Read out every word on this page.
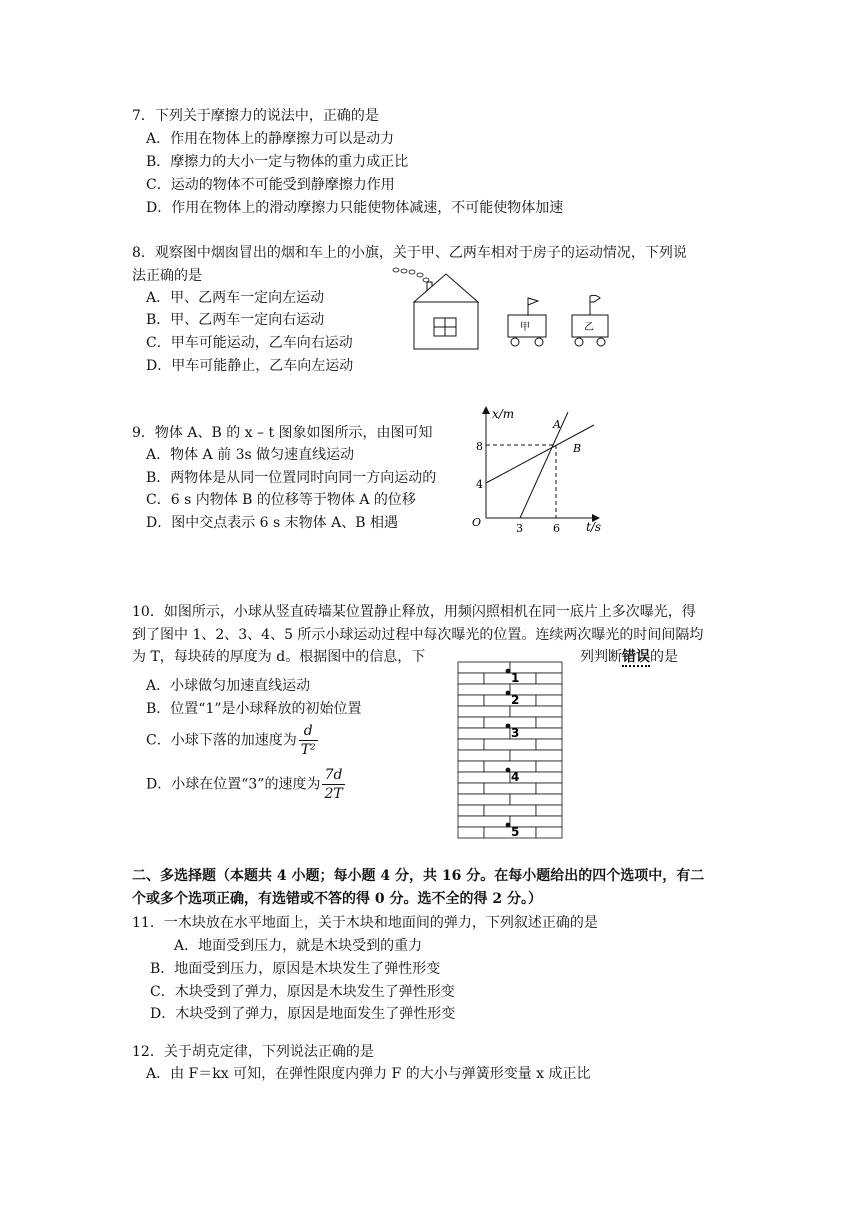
7．下列关于摩擦力的说法中，正确的是
A．作用在物体上的静摩擦力可以是动力
B．摩擦力的大小一定与物体的重力成正比
C．运动的物体不可能受到静摩擦力作用
D．作用在物体上的滑动摩擦力只能使物体减速，不可能使物体加速
8．观察图中烟囱冒出的烟和车上的小旗，关于甲、乙两车相对于房子的运动情况，下列说
法正确的是
A．甲、乙两车一定向左运动
B．甲、乙两车一定向右运动
C．甲车可能运动，乙车向右运动
D．甲车可能静止，乙车向左运动
甲	乙
9．物体 A、B 的 x – t 图象如图所示，由图可知
A．物体 A 前 3s 做匀速直线运动
B．两物体是从同一位置同时向同一方向运动的
C．6 s 内物体 B 的位移等于物体 A 的位移
D．图中交点表示 6 s 末物体 A、B 相遇
x/m
t/s
O
8
4
3	6
A
B
10．如图所示，小球从竖直砖墙某位置静止释放，用频闪照相机在同一底片上多次曝光，得
到了图中 1、2、3、4、5 所示小球运动过程中每次曝光的位置。连续两次曝光的时间间隔均
为 T，每块砖的厚度为 d。根据图中的信息，下	列判断错误的是
A．小球做匀加速直线运动
B．位置“1”是小球释放的初始位置
C．小球下落的加速度为 $\frac{d}{\text{T²}}$
D．小球在位置“3”的速度为 $\frac{7d}{2T}$
1
2
3
4
5
二、多选择题（本题共 4 小题；每小题 4 分，共 16 分。在每小题给出的四个选项中，有二
个或多个选项正确，有选错或不答的得 0 分。选不全的得 2 分。）
11．一木块放在水平地面上，关于木块和地面间的弹力，下列叙述正确的是
A．地面受到压力，就是木块受到的重力
B．地面受到压力，原因是木块发生了弹性形变
C．木块受到了弹力，原因是木块发生了弹性形变
D．木块受到了弹力，原因是地面发生了弹性形变
12．关于胡克定律，下列说法正确的是
A．由 F＝kx 可知，在弹性限度内弹力 F 的大小与弹簧形变量 x 成正比
